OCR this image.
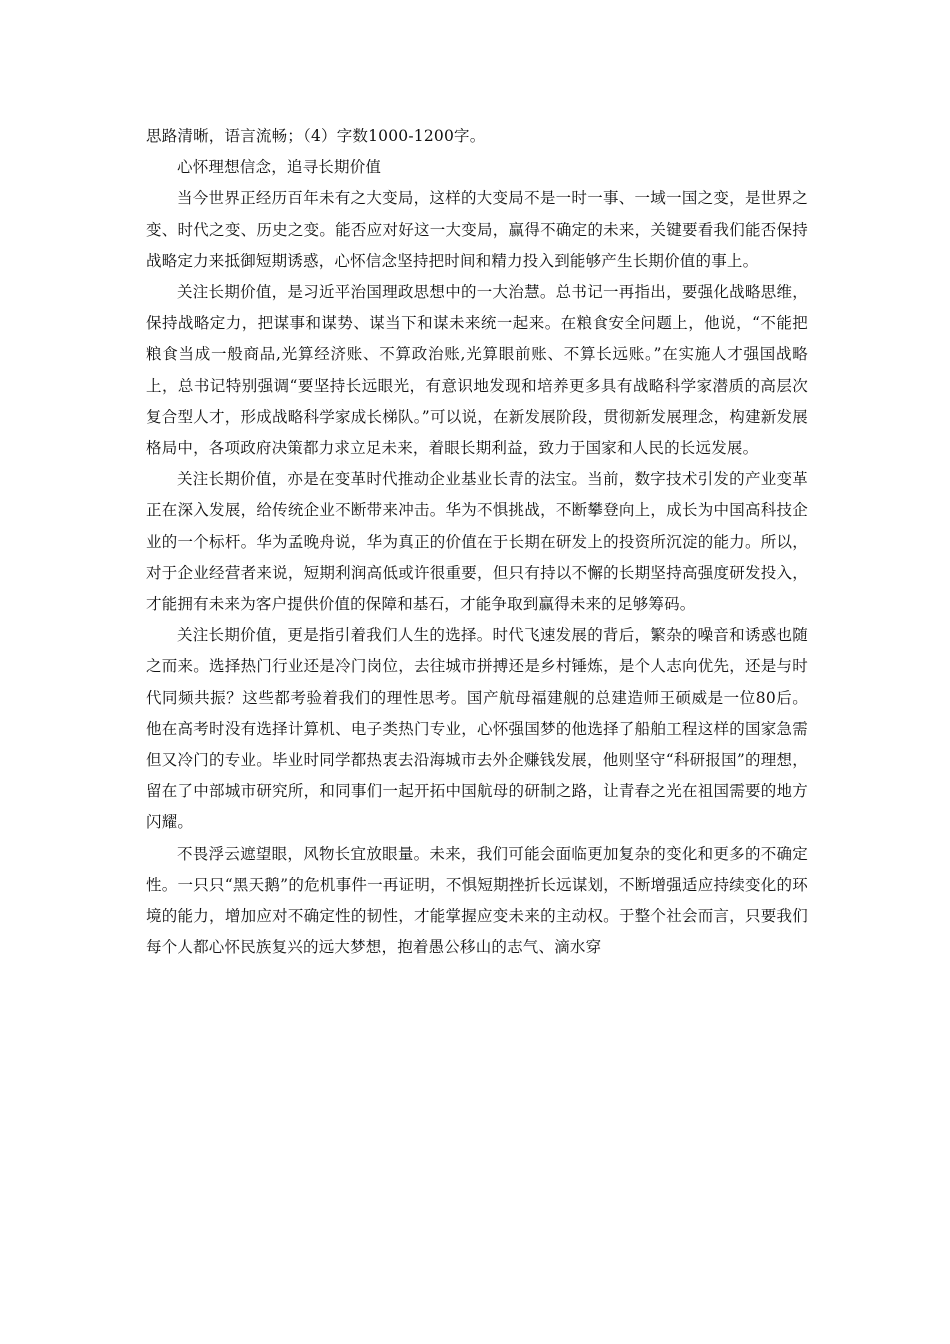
思路清晰，语言流畅；（4）字数1000-1200字。

心怀理想信念，追寻长期价值

当今世界正经历百年未有之大变局，这样的大变局不是一时一事、一域一国之变，是世界之变、时代之变、历史之变。能否应对好这一大变局，赢得不确定的未来，关键要看我们能否保持战略定力来抵御短期诱惑，心怀信念坚持把时间和精力投入到能够产生长期价值的事上。

关注长期价值，是习近平治国理政思想中的一大治慧。总书记一再指出，要强化战略思维，保持战略定力，把谋事和谋势、谋当下和谋未来统一起来。在粮食安全问题上，他说，“不能把粮食当成一般商品,光算经济账、不算政治账,光算眼前账、不算长远账。”在实施人才强国战略上，总书记特别强调“要坚持长远眼光，有意识地发现和培养更多具有战略科学家潜质的高层次复合型人才，形成战略科学家成长梯队。”可以说，在新发展阶段，贯彻新发展理念，构建新发展格局中，各项政府决策都力求立足未来，着眼长期利益，致力于国家和人民的长远发展。

关注长期价值，亦是在变革时代推动企业基业长青的法宝。当前，数字技术引发的产业变革正在深入发展，给传统企业不断带来冲击。华为不惧挑战，不断攀登向上，成长为中国高科技企业的一个标杆。华为孟晚舟说，华为真正的价值在于长期在研发上的投资所沉淀的能力。所以，对于企业经营者来说，短期利润高低或许很重要，但只有持以不懈的长期坚持高强度研发投入，才能拥有未来为客户提供价值的保障和基石，才能争取到赢得未来的足够筹码。

关注长期价值，更是指引着我们人生的选择。时代飞速发展的背后，繁杂的噪音和诱惑也随之而来。选择热门行业还是冷门岗位，去往城市拼搏还是乡村锤炼，是个人志向优先，还是与时代同频共振？这些都考验着我们的理性思考。国产航母福建舰的总建造师王硕威是一位80后。他在高考时没有选择计算机、电子类热门专业，心怀强国梦的他选择了船舶工程这样的国家急需但又冷门的专业。毕业时同学都热衷去沿海城市去外企赚钱发展，他则坚守“科研报国”的理想，留在了中部城市研究所，和同事们一起开拓中国航母的研制之路，让青春之光在祖国需要的地方闪耀。

不畏浮云遮望眼，风物长宜放眼量。未来，我们可能会面临更加复杂的变化和更多的不确定性。一只只“黑天鹅”的危机事件一再证明，不惧短期挫折长远谋划，不断增强适应持续变化的环境的能力，增加应对不确定性的韧性，才能掌握应变未来的主动权。于整个社会而言，只要我们每个人都心怀民族复兴的远大梦想，抱着愚公移山的志气、滴水穿
